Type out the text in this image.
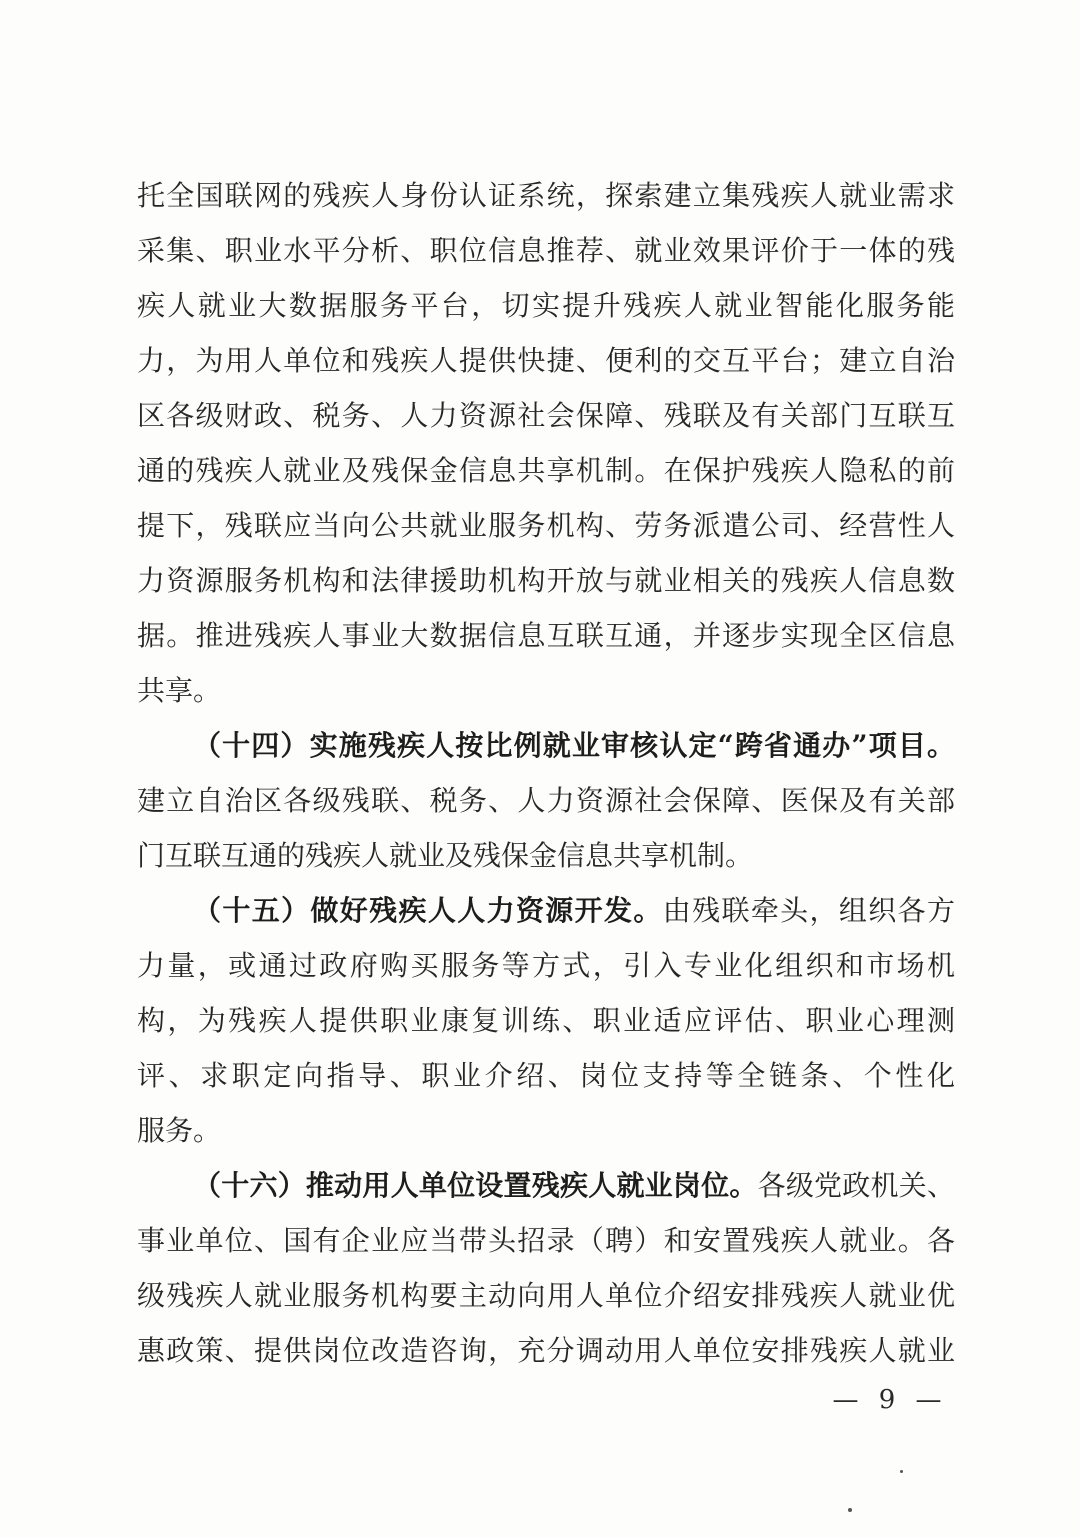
托全国联网的残疾人身份认证系统，探索建立集残疾人就业需求
采集、职业水平分析、职位信息推荐、就业效果评价于一体的残
疾人就业大数据服务平台，切实提升残疾人就业智能化服务能
力，为用人单位和残疾人提供快捷、便利的交互平台；建立自治
区各级财政、税务、人力资源社会保障、残联及有关部门互联互
通的残疾人就业及残保金信息共享机制。在保护残疾人隐私的前
提下，残联应当向公共就业服务机构、劳务派遣公司、经营性人
力资源服务机构和法律援助机构开放与就业相关的残疾人信息数
据。推进残疾人事业大数据信息互联互通，并逐步实现全区信息
共享。
（十四）实施残疾人按比例就业审核认定“跨省通办”项目。
建立自治区各级残联、税务、人力资源社会保障、医保及有关部
门互联互通的残疾人就业及残保金信息共享机制。
（十五）做好残疾人人力资源开发。由残联牵头，组织各方
力量，或通过政府购买服务等方式，引入专业化组织和市场机
构，为残疾人提供职业康复训练、职业适应评估、职业心理测
评、求职定向指导、职业介绍、岗位支持等全链条、个性化
服务。
（十六）推动用人单位设置残疾人就业岗位。各级党政机关、
事业单位、国有企业应当带头招录（聘）和安置残疾人就业。各
级残疾人就业服务机构要主动向用人单位介绍安排残疾人就业优
惠政策、提供岗位改造咨询，充分调动用人单位安排残疾人就业
— 9 —
